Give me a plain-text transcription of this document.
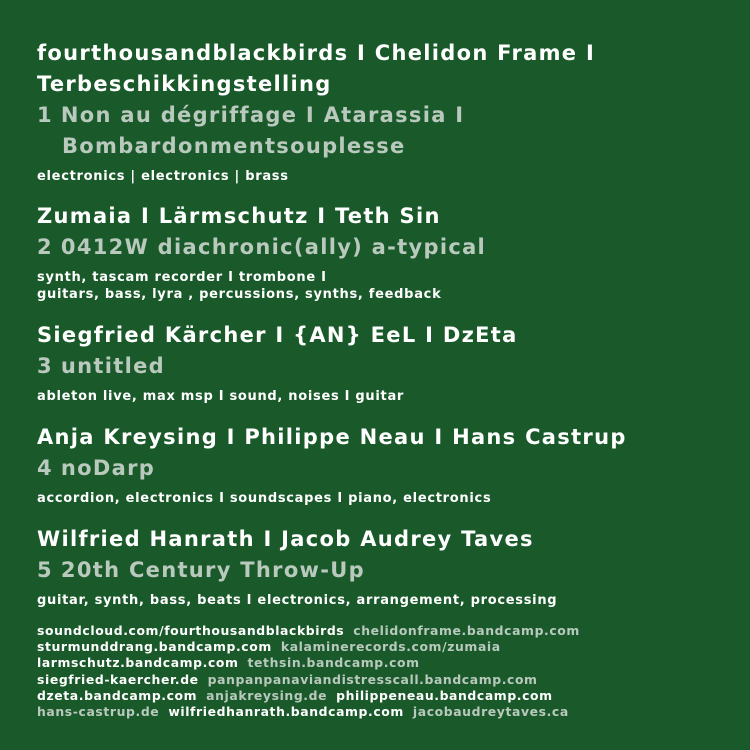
fourthousandblackbirds I Chelidon Frame I
Terbeschikkingstelling
1 Non au dégriffage I Atarassia I
Bombardonmentsouplesse
electronics | electronics | brass
Zumaia I Lärmschutz I Teth Sin
2 0412W diachronic(ally) a-typical
synth, tascam recorder I trombone I
guitars, bass, lyra , percussions, synths, feedback
Siegfried Kärcher I {AN} EeL I DzEta
3 untitled
ableton live, max msp I sound, noises I guitar
Anja Kreysing I Philippe Neau I Hans Castrup
4 noDarp
accordion, electronics I soundscapes I piano, electronics
Wilfried Hanrath I Jacob Audrey Taves
5 20th Century Throw-Up
guitar, synth, bass, beats I electronics, arrangement, processing
soundcloud.com/fourthousandblackbirds chelidonframe.bandcamp.com
sturmunddrang.bandcamp.com kalaminerecords.com/zumaia
larmschutz.bandcamp.com tethsin.bandcamp.com
siegfried-kaercher.de panpanpanaviandistresscall.bandcamp.com
dzeta.bandcamp.com anjakreysing.de philippeneau.bandcamp.com
hans-castrup.de wilfriedhanrath.bandcamp.com jacobaudreytaves.ca
